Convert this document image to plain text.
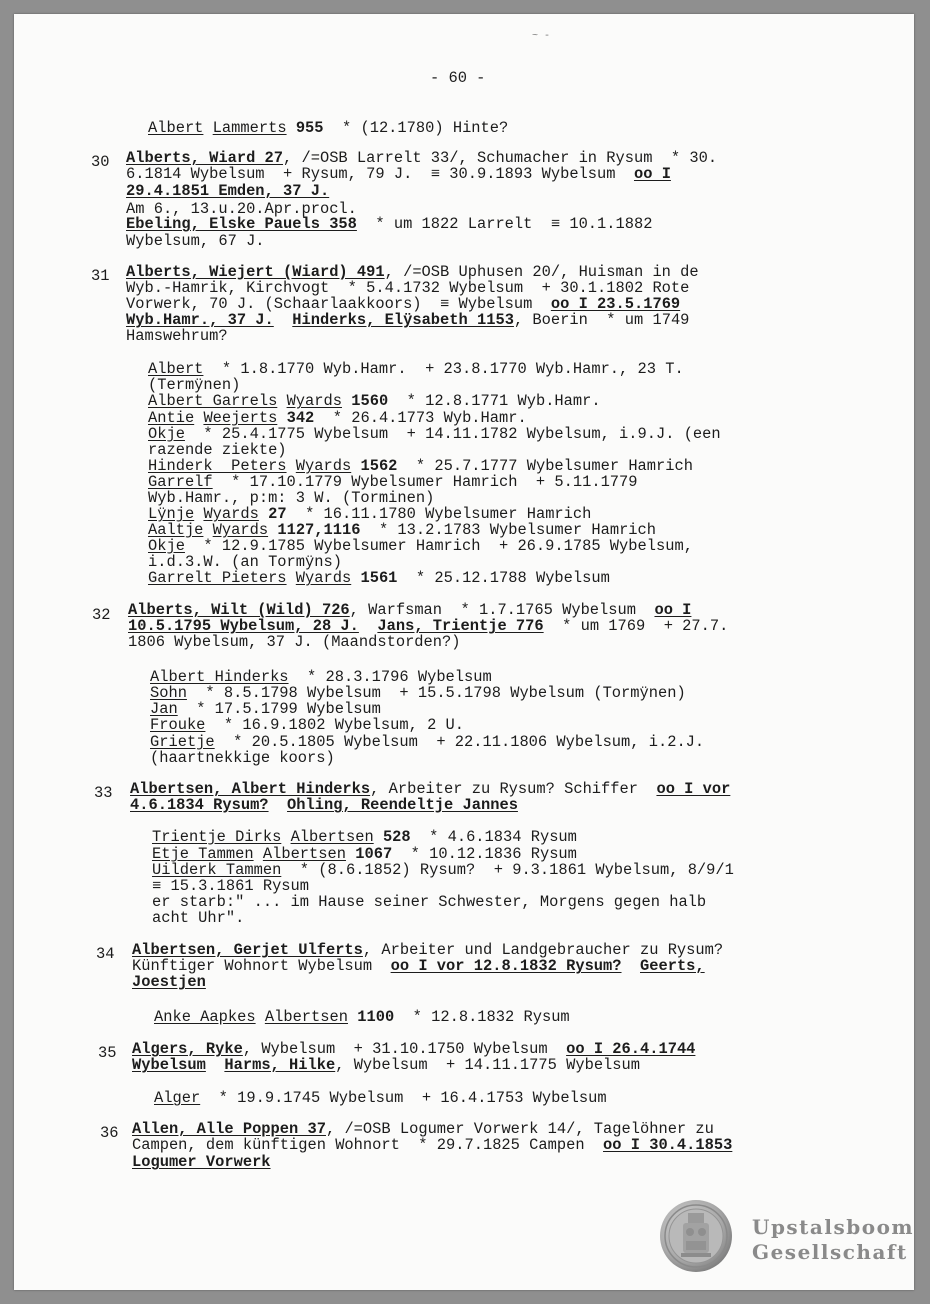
~ -
- 60 -
Albert Lammerts 955  * (12.1780) Hinte?
30 Alberts, Wiard 27, /=OSB Larrelt 33/, Schumacher in Rysum  * 30.
6.1814 Wybelsum  + Rysum, 79 J.  ≡ 30.9.1893 Wybelsum  oo I
29.4.1851 Emden, 37 J.
Am 6., 13.u.20.Apr.procl.
Ebeling, Elske Pauels 358  * um 1822 Larrelt  ≡ 10.1.1882
Wybelsum, 67 J.
31 Alberts, Wiejert (Wiard) 491, /=OSB Uphusen 20/, Huisman in de
Wyb.-Hamrik, Kirchvogt  * 5.4.1732 Wybelsum  + 30.1.1802 Rote
Vorwerk, 70 J. (Schaarlaakkoors)  ≡ Wybelsum  oo I 23.5.1769
Wyb.Hamr., 37 J. Hinderks, Elÿsabeth 1153, Boerin  * um 1749
Hamswehrum?
Albert  * 1.8.1770 Wyb.Hamr.  + 23.8.1770 Wyb.Hamr., 23 T.
(Termÿnen)
Albert Garrels Wyards 1560  * 12.8.1771 Wyb.Hamr.
Antie Weejerts 342  * 26.4.1773 Wyb.Hamr.
Okje  * 25.4.1775 Wybelsum  + 14.11.1782 Wybelsum, i.9.J. (een
razende ziekte)
Hinderk  Peters Wyards 1562  * 25.7.1777 Wybelsumer Hamrich
Garrelf  * 17.10.1779 Wybelsumer Hamrich  + 5.11.1779
Wyb.Hamr., p:m: 3 W. (Torminen)
Lÿnje Wyards 27  * 16.11.1780 Wybelsumer Hamrich
Aaltje Wyards 1127,1116  * 13.2.1783 Wybelsumer Hamrich
Okje  * 12.9.1785 Wybelsumer Hamrich  + 26.9.1785 Wybelsum,
i.d.3.W. (an Tormÿns)
Garrelt Pieters Wyards 1561  * 25.12.1788 Wybelsum
32 Alberts, Wilt (Wild) 726, Warfsman  * 1.7.1765 Wybelsum  oo I
10.5.1795 Wybelsum, 28 J. Jans, Trientje 776  * um 1769  + 27.7.
1806 Wybelsum, 37 J. (Maandstorden?)
Albert Hinderks  * 28.3.1796 Wybelsum
Sohn  * 8.5.1798 Wybelsum  + 15.5.1798 Wybelsum (Tormÿnen)
Jan  * 17.5.1799 Wybelsum
Frouke  * 16.9.1802 Wybelsum, 2 U.
Grietje  * 20.5.1805 Wybelsum  + 22.11.1806 Wybelsum, i.2.J.
(haartnekkige koors)
33 Albertsen, Albert Hinderks, Arbeiter zu Rysum? Schiffer  oo I vor
4.6.1834 Rysum? Ohling, Reendeltje Jannes
Trientje Dirks Albertsen 528  * 4.6.1834 Rysum
Etje Tammen Albertsen 1067  * 10.12.1836 Rysum
Uilderk Tammen  * (8.6.1852) Rysum?  + 9.3.1861 Wybelsum, 8/9/1
≡ 15.3.1861 Rysum
er starb:" ... im Hause seiner Schwester, Morgens gegen halb
acht Uhr".
34 Albertsen, Gerjet Ulferts, Arbeiter und Landgebraucher zu Rysum?
Künftiger Wohnort Wybelsum  oo I vor 12.8.1832 Rysum? Geerts,
Joestjen
Anke Aapkes Albertsen 1100  * 12.8.1832 Rysum
35 Algers, Ryke, Wybelsum  + 31.10.1750 Wybelsum  oo I 26.4.1744
Wybelsum Harms, Hilke, Wybelsum  + 14.11.1775 Wybelsum
Alger  * 19.9.1745 Wybelsum  + 16.4.1753 Wybelsum
36 Allen, Alle Poppen 37, /=OSB Logumer Vorwerk 14/, Tagelöhner zu
Campen, dem künftigen Wohnort  * 29.7.1825 Campen  oo I 30.4.1853
Logumer Vorwerk
Upstalsboom
Gesellschaft
